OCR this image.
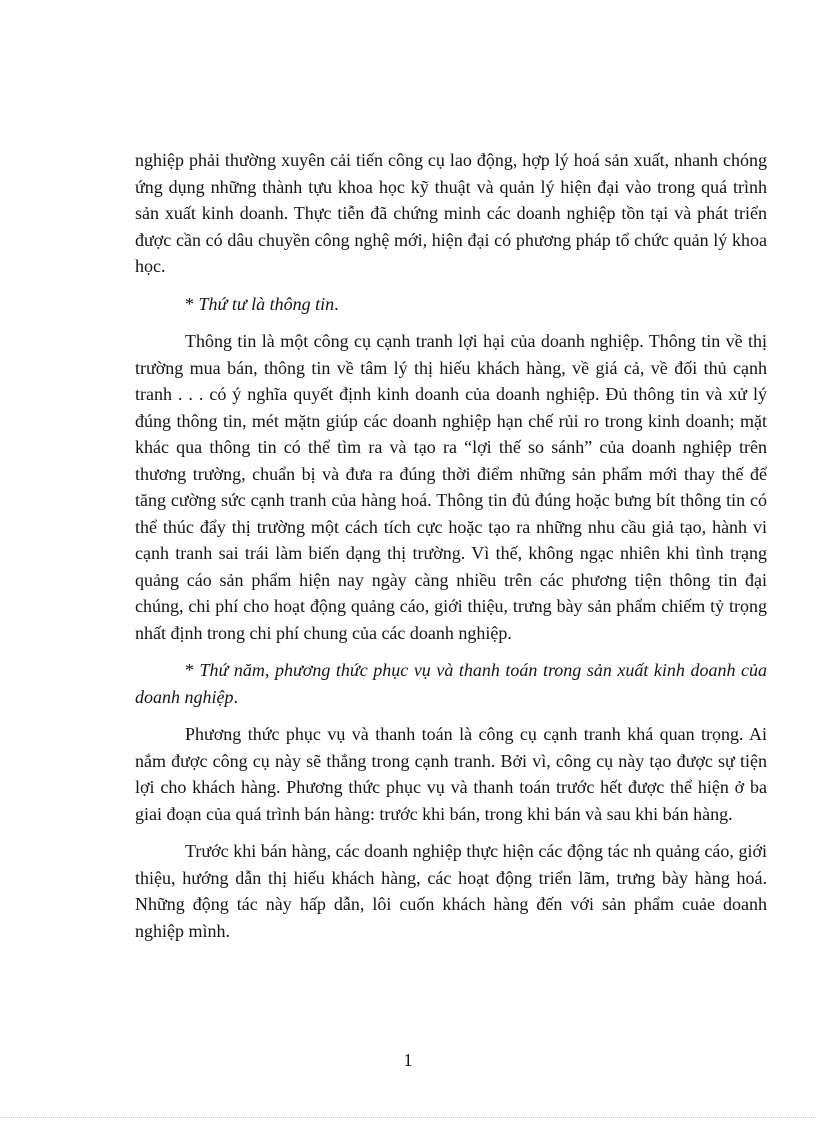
nghiệp phải thường xuyên cải tiến công cụ lao động, hợp lý hoá sản xuất, nhanh chóng ứng dụng những thành tựu khoa học kỹ thuật và quản lý hiện đại vào trong quá trình sản xuất kinh doanh. Thực tiễn đã chứng minh các doanh nghiệp tồn tại và phát triển được cần có dâu chuyền công nghệ mới, hiện đại có phương pháp tổ chức quản lý khoa học.

* Thứ tư là thông tin.

Thông tin là một công cụ cạnh tranh lợi hại của doanh nghiệp. Thông tin về thị trường mua bán, thông tin về tâm lý thị hiếu khách hàng, về giá cả, về đối thủ cạnh tranh . . . có ý nghĩa quyết định kinh doanh của doanh nghiệp. Đủ thông tin và xử lý đúng thông tin, mét mặtn giúp các doanh nghiệp hạn chế rủi ro trong kinh doanh; mặt khác qua thông tin có thể tìm ra và tạo ra “lợi thế so sánh” của doanh nghiệp trên thương trường, chuẩn bị và đưa ra đúng thời điểm những sản phẩm mới thay thế để tăng cường sức cạnh tranh của hàng hoá. Thông tin đủ đúng hoặc bưng bít thông tin có thể thúc đẩy thị trường một cách tích cực hoặc tạo ra những nhu cầu giả tạo, hành vi cạnh tranh sai trái làm biến dạng thị trường. Vì thế, không ngạc nhiên khi tình trạng quảng cáo sản phẩm hiện nay ngày càng nhiều trên các phương tiện thông tin đại chúng, chi phí cho hoạt động quảng cáo, giới thiệu, trưng bày sản phẩm chiếm tỷ trọng nhất định trong chi phí chung của các doanh nghiệp.

* Thứ năm, phương thức phục vụ và thanh toán trong sản xuất kinh doanh của doanh nghiệp.

Phương thức phục vụ và thanh toán là công cụ cạnh tranh khá quan trọng. Ai nắm được công cụ này sẽ thắng trong cạnh tranh. Bởi vì, công cụ này tạo được sự tiện lợi cho khách hàng. Phương thức phục vụ và thanh toán trước hết được thể hiện ở ba giai đoạn của quá trình bán hàng: trước khi bán, trong khi bán và sau khi bán hàng.

Trước khi bán hàng, các doanh nghiệp thực hiện các động tác nh quảng cáo, giới thiệu, hướng dẫn thị hiếu khách hàng, các hoạt động triển lãm, trưng bày hàng hoá. Những động tác này hấp dẫn, lôi cuốn khách hàng đến với sản phẩm cuảe doanh nghiệp mình.

1
